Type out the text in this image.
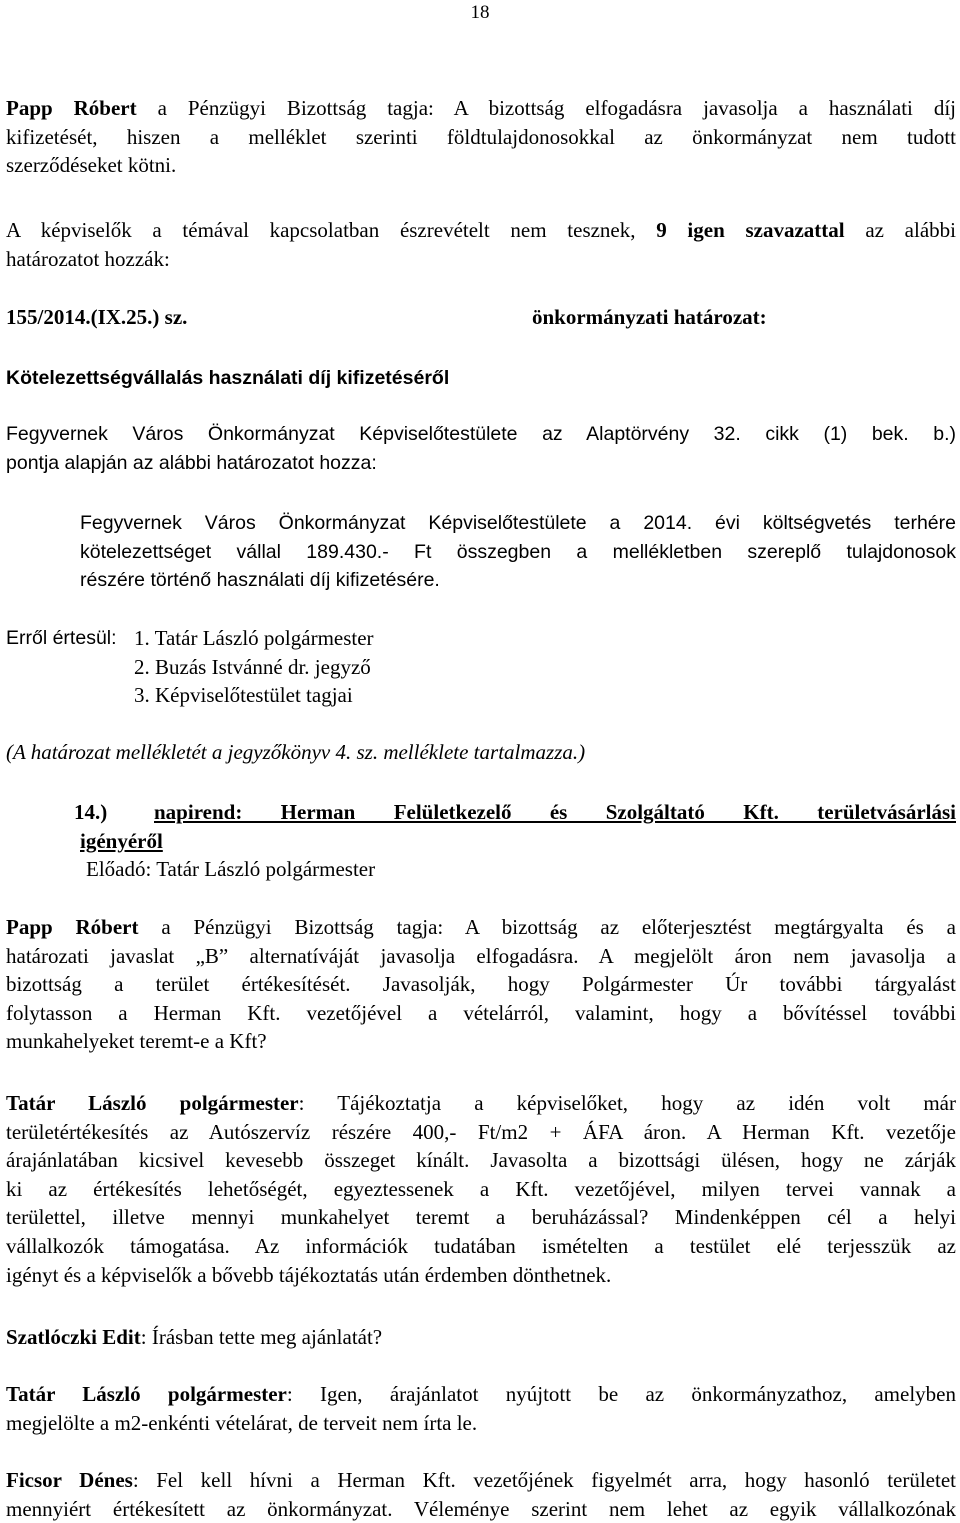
18
Papp Róbert a Pénzügyi Bizottság tagja: A bizottság elfogadásra javasolja a használati díj
kifizetését, hiszen a melléklet szerinti földtulajdonosokkal az önkormányzat nem tudott
szerződéseket kötni.
A képviselők a témával kapcsolatban észrevételt nem tesznek, 9 igen szavazattal az alábbi
határozatot hozzák:
155/2014.(IX.25.) sz.	önkormányzati határozat:
Kötelezettségvállalás használati díj kifizetéséről
Fegyvernek Város Önkormányzat Képviselőtestülete az Alaptörvény 32. cikk (1) bek. b.)
pontja alapján az alábbi határozatot hozza:
Fegyvernek Város Önkormányzat Képviselőtestülete a 2014. évi költségvetés terhére
kötelezettséget vállal 189.430.- Ft összegben a mellékletben szereplő tulajdonosok
részére történő használati díj kifizetésére.
Erről értesül: 1. Tatár László polgármester
2. Buzás Istvánné dr. jegyző
3. Képviselőtestület tagjai
(A határozat mellékletét a jegyzőkönyv 4. sz. melléklete tartalmazza.)
14.) napirend: Herman Felületkezelő és Szolgáltató Kft. területvásárlási
igényéről
Előadó: Tatár László polgármester
Papp Róbert a Pénzügyi Bizottság tagja: A bizottság az előterjesztést megtárgyalta és a
határozati javaslat „B” alternatíváját javasolja elfogadásra. A megjelölt áron nem javasolja a
bizottság a terület értékesítését. Javasolják, hogy Polgármester Úr további tárgyalást
folytasson a Herman Kft. vezetőjével a vételárról, valamint, hogy a bővítéssel további
munkahelyeket teremt-e a Kft?
Tatár László polgármester: Tájékoztatja a képviselőket, hogy az idén volt már
területértékesítés az Autószervíz részére 400,- Ft/m2 + ÁFA áron. A Herman Kft. vezetője
árajánlatában kicsivel kevesebb összeget kínált. Javasolta a bizottsági ülésen, hogy ne zárják
ki az értékesítés lehetőségét, egyeztessenek a Kft. vezetőjével, milyen tervei vannak a
területtel, illetve mennyi munkahelyet teremt a beruházással? Mindenképpen cél a helyi
vállalkozók támogatása. Az információk tudatában ismételten a testület elé terjesszük az
igényt és a képviselők a bővebb tájékoztatás után érdemben dönthetnek.
Szatlóczki Edit: Írásban tette meg ajánlatát?
Tatár László polgármester: Igen, árajánlatot nyújtott be az önkormányzathoz, amelyben
megjelölte a m2-enkénti vételárat, de terveit nem írta le.
Ficsor Dénes: Fel kell hívni a Herman Kft. vezetőjének figyelmét arra, hogy hasonló területet
mennyiért értékesített az önkormányzat. Véleménye szerint nem lehet az egyik vállalkozónak
